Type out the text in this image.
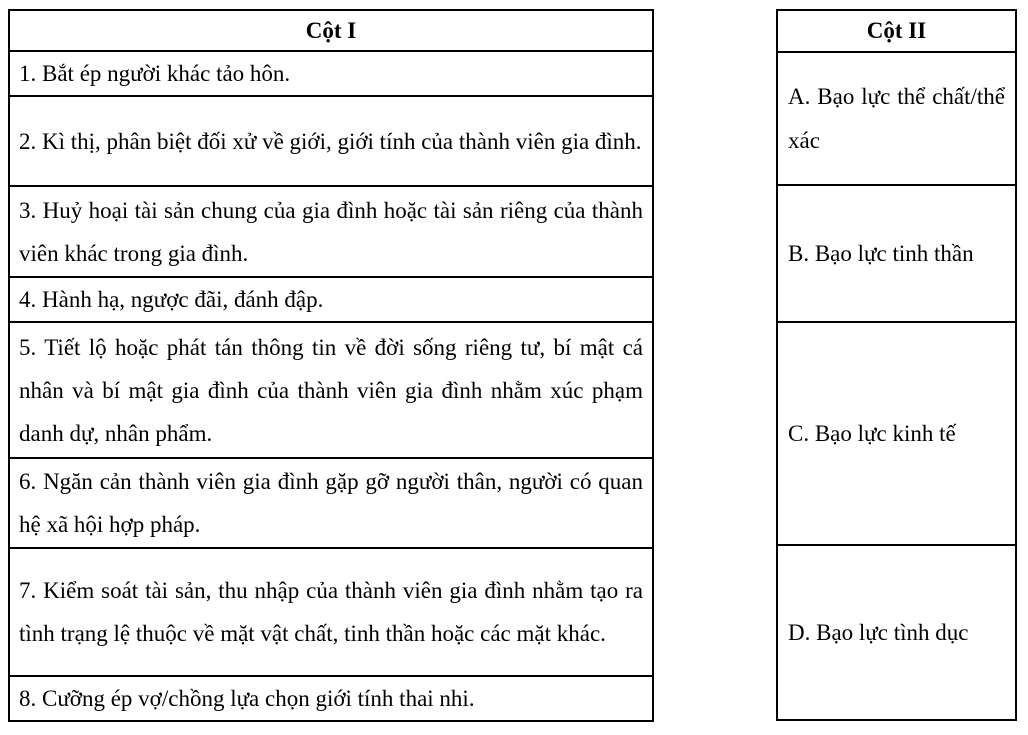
Cột I
1. Bắt ép người khác tảo hôn.
2. Kì thị, phân biệt đối xử về giới, giới tính của thành viên gia đình.
3. Huỷ hoại tài sản chung của gia đình hoặc tài sản riêng của thành viên khác trong gia đình.
4. Hành hạ, ngược đãi, đánh đập.
5. Tiết lộ hoặc phát tán thông tin về đời sống riêng tư, bí mật cá nhân và bí mật gia đình của thành viên gia đình nhằm xúc phạm danh dự, nhân phẩm.
6. Ngăn cản thành viên gia đình gặp gỡ người thân, người có quan hệ xã hội hợp pháp.
7. Kiểm soát tài sản, thu nhập của thành viên gia đình nhằm tạo ra tình trạng lệ thuộc về mặt vật chất, tinh thần hoặc các mặt khác.
8. Cưỡng ép vợ/chồng lựa chọn giới tính thai nhi.
Cột II
A. Bạo lực thể chất/thể xác
B. Bạo lực tinh thần
C. Bạo lực kinh tế
D. Bạo lực tình dục
